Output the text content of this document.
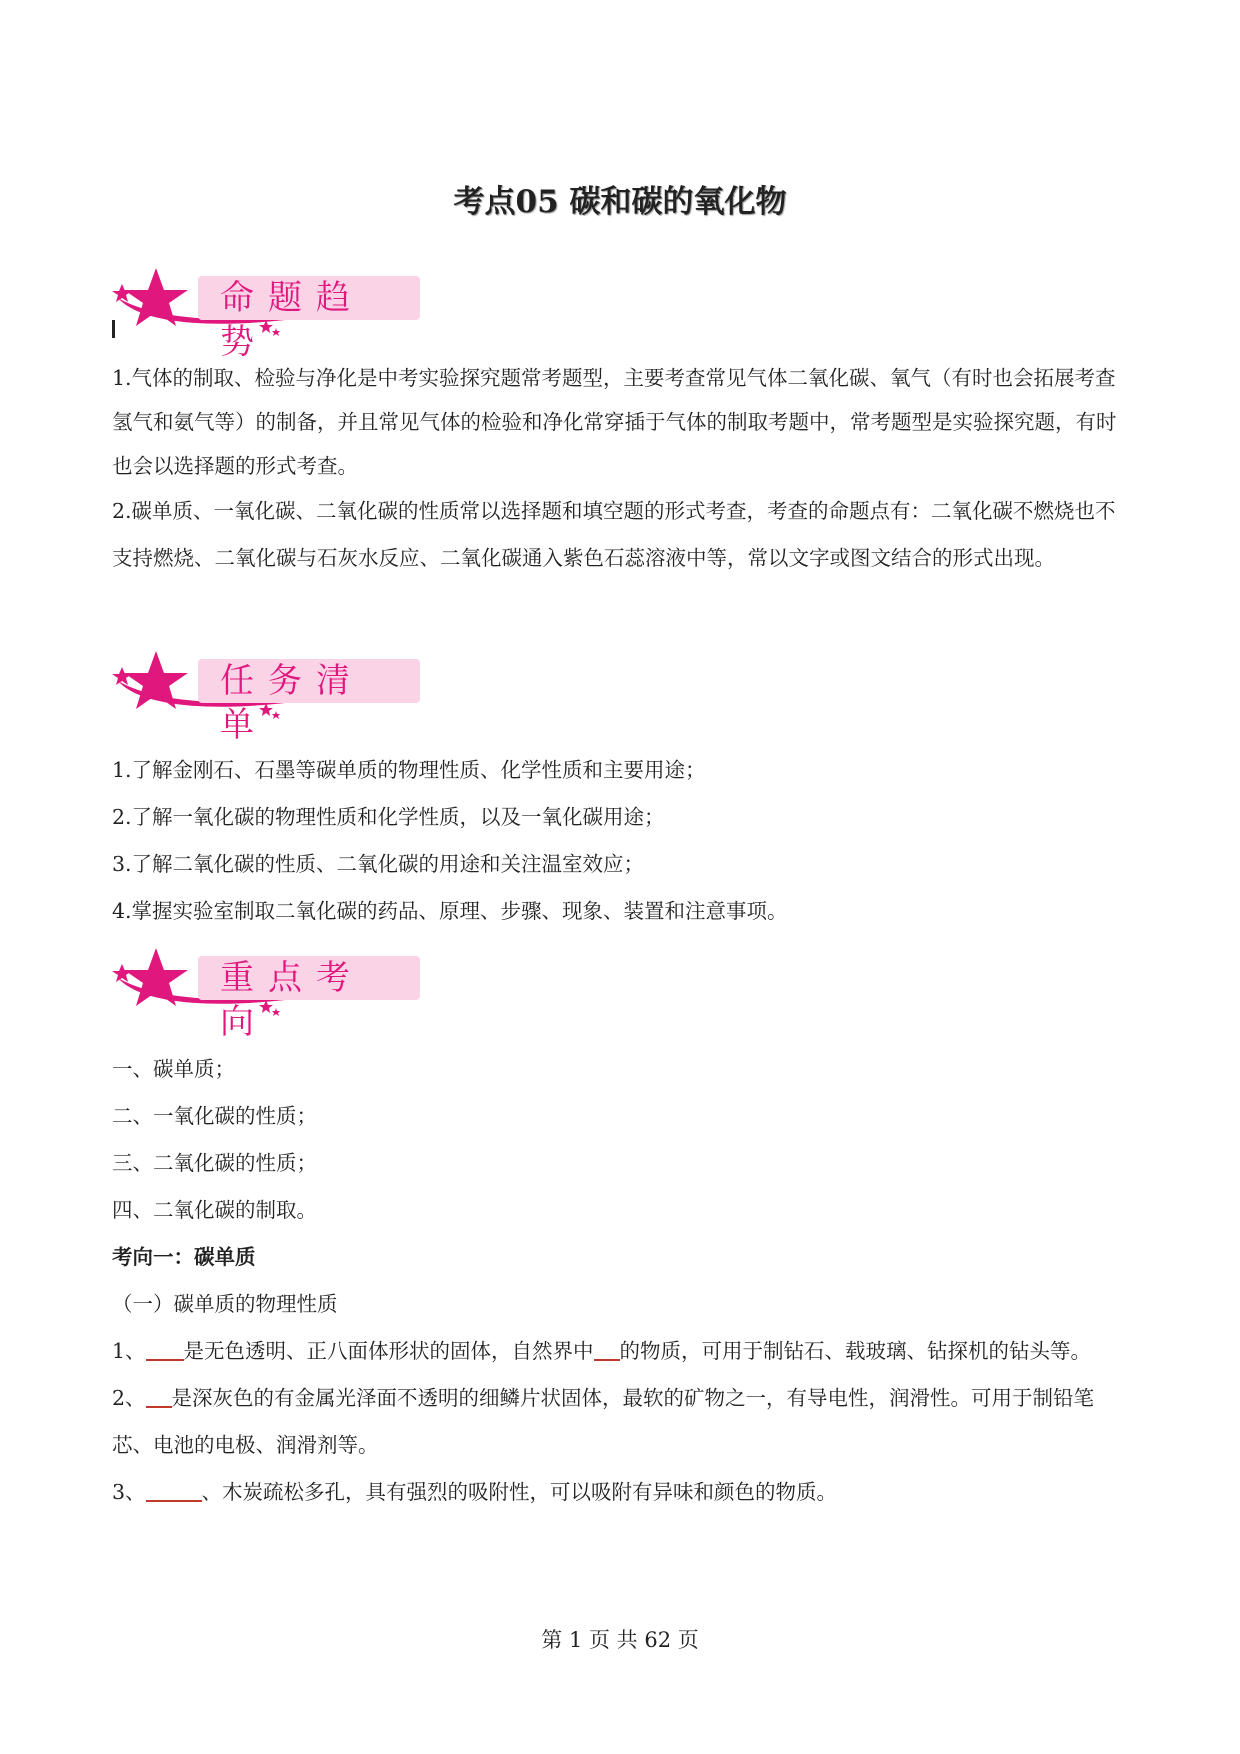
考点05 碳和碳的氧化物
命题趋势

1.气体的制取、检验与净化是中考实验探究题常考题型，主要考查常见气体二氧化碳、氧气（有时也会拓展考查氢气和氨气等）的制备，并且常见气体的检验和净化常穿插于气体的制取考题中，常考题型是实验探究题，有时也会以选择题的形式考查。

2.碳单质、一氧化碳、二氧化碳的性质常以选择题和填空题的形式考查，考查的命题点有：二氧化碳不燃烧也不支持燃烧、二氧化碳与石灰水反应、二氧化碳通入紫色石蕊溶液中等，常以文字或图文结合的形式出现。

任务清单

1.了解金刚石、石墨等碳单质的物理性质、化学性质和主要用途；

2.了解一氧化碳的物理性质和化学性质，以及一氧化碳用途；

3.了解二氧化碳的性质、二氧化碳的用途和关注温室效应；

4.掌握实验室制取二氧化碳的药品、原理、步骤、现象、装置和注意事项。

重点考向

一、碳单质；

二、一氧化碳的性质；

三、二氧化碳的性质；

四、二氧化碳的制取。

考向一：碳单质

（一）碳单质的物理性质

1、 是无色透明、正八面体形状的固体，自然界中 的物质，可用于制钻石、载玻璃、钻探机的钻头等。

2、 是深灰色的有金属光泽面不透明的细鳞片状固体，最软的矿物之一，有导电性，润滑性。可用于制铅笔芯、电池的电极、润滑剂等。

3、	、木炭疏松多孔，具有强烈的吸附性，可以吸附有异味和颜色的物质。

第 1 页 共 62 页
